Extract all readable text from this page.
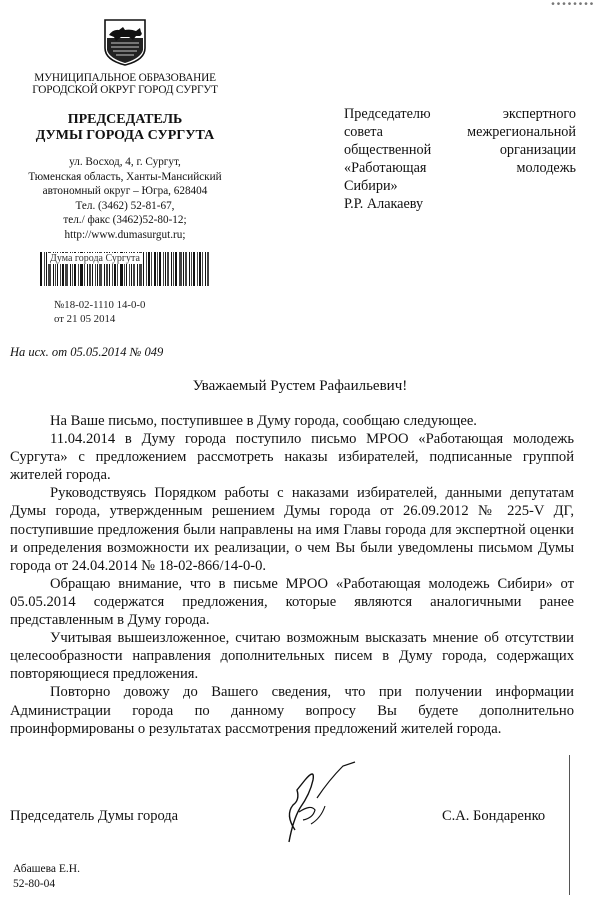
••••••••
МУНИЦИПАЛЬНОЕ ОБРАЗОВАНИЕ
ГОРОДСКОЙ ОКРУГ ГОРОД СУРГУТ
ПРЕДСЕДАТЕЛЬ
ДУМЫ ГОРОДА СУРГУТА
ул. Восход, 4, г. Сургут,
Тюменская область, Ханты-Мансийский
автономный округ – Югра, 628404
Тел. (3462) 52-81-67,
тел./ факс (3462)52-80-12;
http://www.dumasurgut.ru;
Дума города Сургута
№18-02-1110 14-0-0
от 21 05 2014
На исх. от 05.05.2014 № 049
Председателю экспертного
совета межрегиональной
общественной организации
«Работающая молодежь
Сибири»
Р.Р. Алакаеву
Уважаемый Рустем Рафаильевич!

На Ваше письмо, поступившее в Думу города, сообщаю следующее.

11.04.2014 в Думу города поступило письмо МРОО «Работающая молодежь Сургута» с предложением рассмотреть наказы избирателей, подписанные группой жителей города.

Руководствуясь Порядком работы с наказами избирателей, данными депутатам Думы города, утвержденным решением Думы города от 26.09.2012 № 225-V ДГ, поступившие предложения были направлены на имя Главы города для экспертной оценки и определения возможности их реализации, о чем Вы были уведомлены письмом Думы города от 24.04.2014 № 18-02-866/14-0-0.

Обращаю внимание, что в письме МРОО «Работающая молодежь Сибири» от 05.05.2014 содержатся предложения, которые являются аналогичными ранее представленным в Думу города.

Учитывая вышеизложенное, считаю возможным высказать мнение об отсутствии целесообразности направления дополнительных писем в Думу города, содержащих повторяющиеся предложения.

Повторно довожу до Вашего сведения, что при получении информации Администрации города по данному вопросу Вы будете дополнительно проинформированы о результатах рассмотрения предложений жителей города.

Председатель Думы города	С.А. Бондаренко
Абашева Е.Н.
52-80-04
